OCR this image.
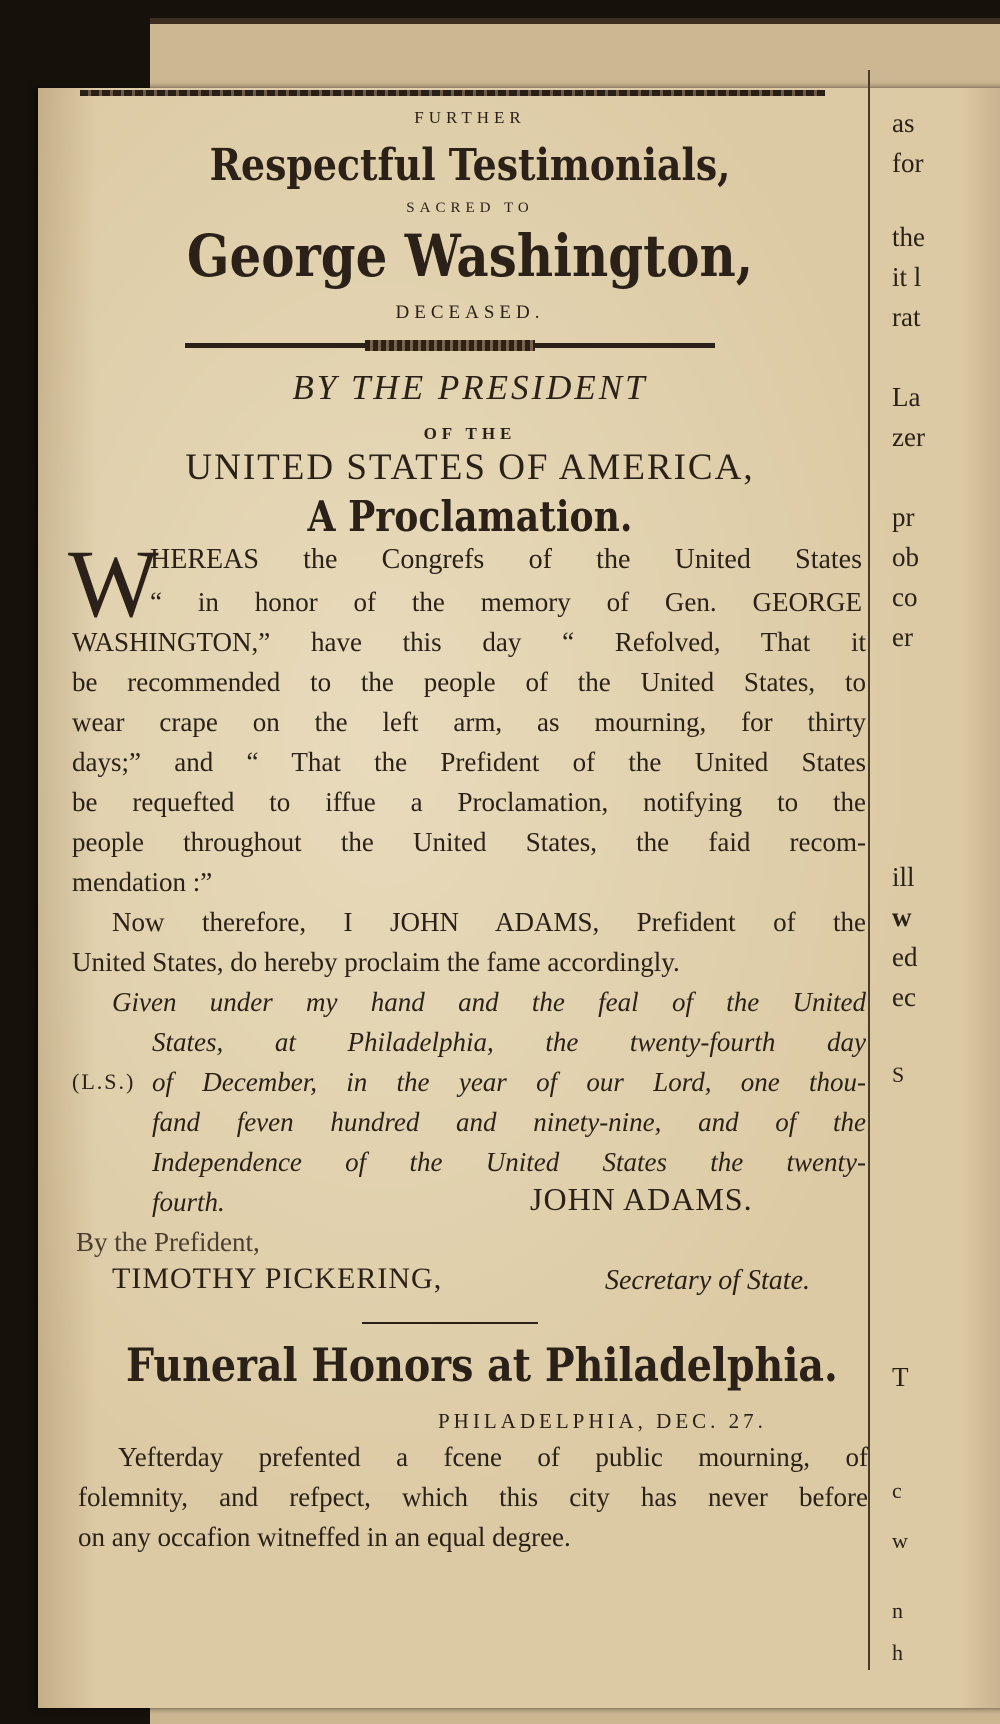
FURTHER
Respectful Testimonials,
SACRED TO
George Washington,
DECEASED.
BY THE PRESIDENT
OF THE
UNITED STATES OF AMERICA,
A Proclamation.
W
HEREAS the Congrefs of the United States
“ in honor of the memory of Gen. GEORGE
WASHINGTON,” have this day “ Refolved, That it
be recommended to the people of the United States, to
wear crape on the left arm, as mourning, for thirty
days;” and “ That the Prefident of the United States
be requefted to iffue a Proclamation, notifying to the
people throughout the United States, the faid recom-
mendation :”
Now therefore, I JOHN ADAMS, Prefident of the
United States, do hereby proclaim the fame accordingly.
Given under my hand and the feal of the United
States, at Philadelphia, the twenty-fourth day
(L.S.) of December, in the year of our Lord, one thou-
fand feven hundred and ninety-nine, and of the
Independence of the United States the twenty-
fourth.	JOHN ADAMS.
By the Prefident,
TIMOTHY PICKERING,	Secretary of State.
Funeral Honors at Philadelphia.
PHILADELPHIA, DEC. 27.
Yefterday prefented a fcene of public mourning, of
folemnity, and refpect, which this city has never before
on any occafion witneffed in an equal degree.
as
for
the
it l
rat
La
zer
pr
ob
co
er
ill
w
ed
ec
S
T
c
w
n
h
